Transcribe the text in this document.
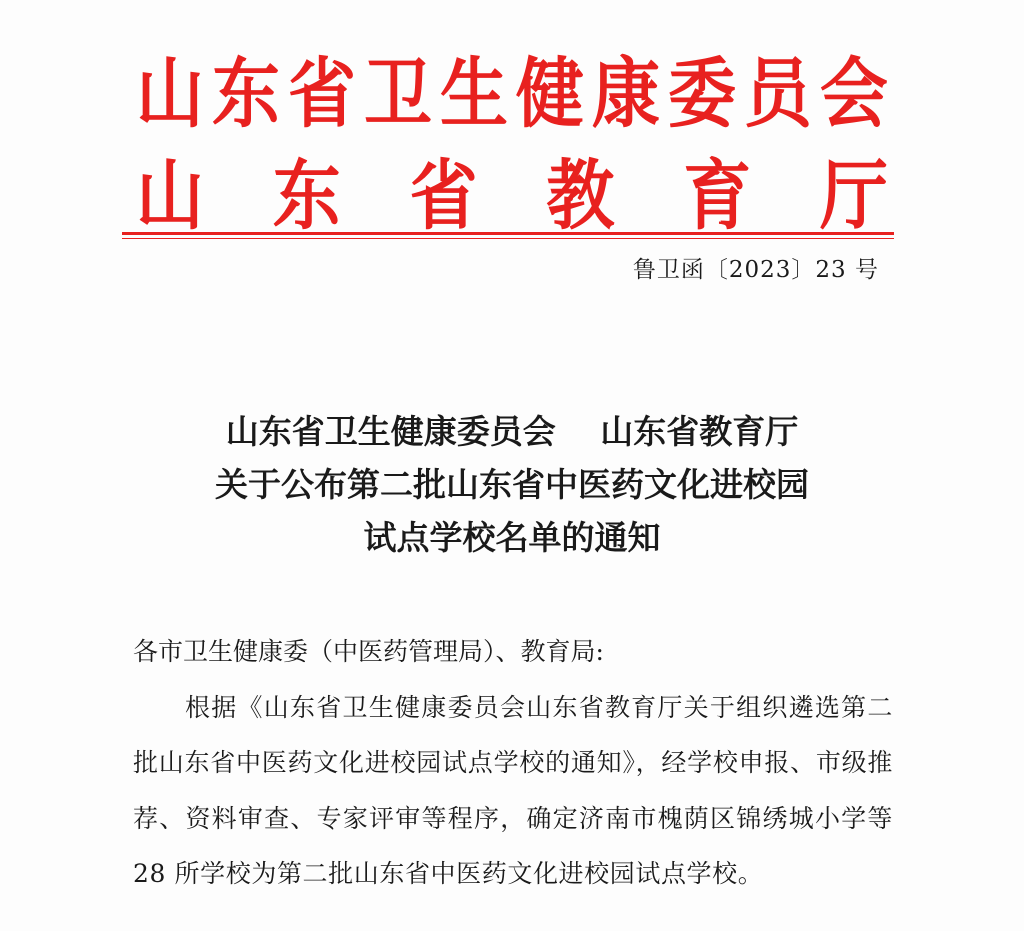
山 东 省 卫 生 健 康 委 员 会
山 东 省 教 育 厅
鲁卫函〔2023〕23 号
山东省卫生健康委员会　 山东省教育厅
关于公布第二批山东省中医药文化进校园
试点学校名单的通知

各市卫生健康委（中医药管理局）、教育局:

根据《山东省卫生健康委员会山东省教育厅关于组织遴选第二批山东省中医药文化进校园试点学校的通知》，经学校申报、市级推荐、资料审查、专家评审等程序，确定济南市槐荫区锦绣城小学等 28 所学校为第二批山东省中医药文化进校园试点学校。
